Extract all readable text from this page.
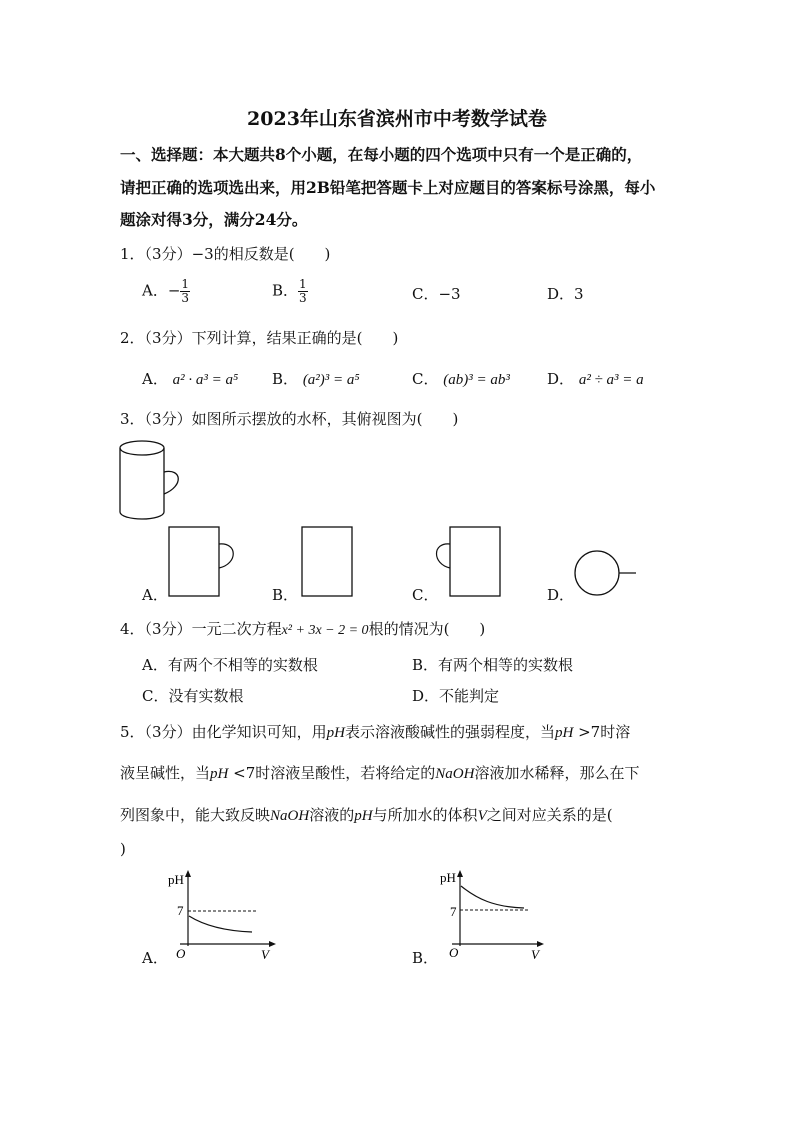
2023年山东省滨州市中考数学试卷
一、选择题：本大题共8个小题，在每小题的四个选项中只有一个是正确的，
请把正确的选项选出来，用2B铅笔把答题卡上对应题目的答案标号涂黑，每小
题涂对得3分，满分24分。
1．（3分）−3的相反数是(　　)
A．− $\frac{1}{3}$	B． $\frac{1}{3}$	C．−3	D．3
2．（3分）下列计算，结果正确的是(　　)
A． a² · a³ = a⁵ B． (a²)³ = a⁵	C． (ab)³ = ab³ D． a² ÷ a³ = a
3．（3分）如图所示摆放的水杯，其俯视图为(　　)
A．	B．	C．	D．
4．（3分）一元二次方程x² + 3x − 2 = 0根的情况为(　　)
A．有两个不相等的实数根	B．有两个相等的实数根
C．没有实数根	D．不能判定
5．（3分）由化学知识可知，用pH表示溶液酸碱性的强弱程度，当pH >7时溶
液呈碱性，当pH <7时溶液呈酸性，若将给定的NaOH溶液加水稀释，那么在下
列图象中，能大致反映NaOH溶液的pH与所加水的体积V之间对应关系的是(
)
pH
7
O	V
A．
pH
7
O	V
B．
